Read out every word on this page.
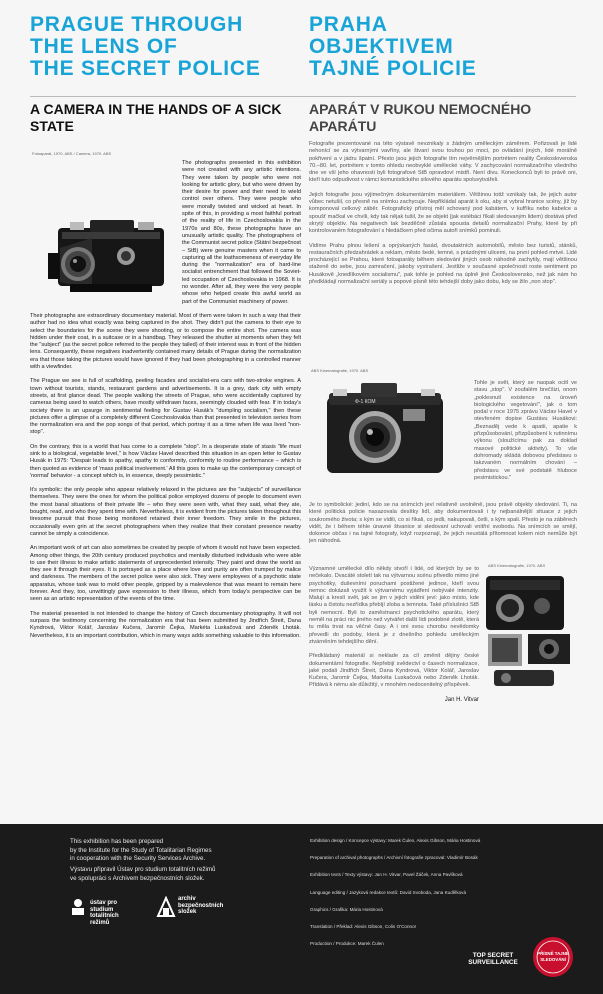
PRAGUE THROUGH
THE LENS OF
THE SECRET POLICE
PRAHA
OBJEKTIVEM
TAJNÉ POLICIE
A CAMERA IN THE HANDS OF A SICK
STATE
APARÁT V RUKOU NEMOCNÉHO
APARÁTU
Fotoaparát, 1970. ABS / Camera, 1970. ABS

The photographs presented in this exhibition were not created with any artistic intentions. They were taken by people who were not looking for artistic glory, but who were driven by their desire for power and their need to wield control over others. They were people who were morally twisted and wicked at heart. In spite of this, in providing a most faithful portrait of the reality of life in Czechoslovakia in the 1970s and 80s, these photographs have an unusually artistic quality. The photographers of the Communist secret police (Státní bezpečnost – StB) were genuine masters when it came to capturing all the loathsomeness of everyday life during the "normalization" era of hard-line socialist entrenchment that followed the Soviet-led occupation of Czechoslovakia in 1968. It is no wonder. After all, they were the very people whose who helped create this awful world as part of the Communist machinery of power.

Their photographs are extraordinary documentary material. Most of them were taken in such a way that their author had no idea what exactly was being captured in the shot. They didn't put the camera to their eye to select the boundaries for the scene they were shooting, or to compose the entire shot. The camera was hidden under their coat, in a suitcase or in a handbag. They released the shutter at moments when they felt the "subject" (as the secret police referred to the people they tailed) of their interest was in front of the hidden lens. Consequently, these negatives inadvertently contained many details of Prague during the normalization era that those taking the pictures would have ignored if they had been photographing in a controlled manner with a viewfinder.

The Prague we see is full of scaffolding, peeling facades and socialist-era cars with two-stroke engines. A town without tourists, stands, restaurant gardens and advertisements. It is a grey, dark city with empty streets, at first glance dead. The people walking the streets of Prague, who were accidentally captured by cameras being used to watch others, have mostly withdrawn faces, seemingly clouded with fear. If in today's society there is an upsurge in sentimental feeling for Gustav Husák's "dumpling socialism," then these pictures offer a glimpse of a completely different Czechoslovakia than that presented in television series from the normalization era and the pop songs of that period, which portray it as a time when life was lived "non-stop".

On the contrary, this is a world that has come to a complete "stop". In a desperate state of stasis "life must sink to a biological, vegetable level," is how Václav Havel described this situation in an open letter to Gustav Husák in 1975: "Despair leads to apathy, apathy to conformity, conformity to routine performance – which is then quoted as evidence of 'mass political involvement.' All this goes to make up the contemporary concept of 'normal' behavior - a concept which is, in essence, deeply pessimistic."

It's symbolic: the only people who appear relatively relaxed in the pictures are the "subjects" of surveillance themselves. They were the ones for whom the political police employed dozens of people to document even the most banal situations of their private life – who they were seen with, what they said, what they ate, bought, read, and who they spent time with. Nevertheless, it is evident from the pictures taken throughout this tiresome pursuit that those being monitored retained their inner freedom. They smile in the pictures, occasionally even grin at the secret photographers when they realize that their constant presence nearby cannot be simply a coincidence.

An important work of art can also sometimes be created by people of whom it would not have been expected. Among other things, the 20th century produced psychotics and mentally disturbed individuals who were able to use their illness to make artistic statements of unprecedented intensity. They paint and draw the world as they see it through their eyes. It is portrayed as a place where love and purity are often trumped by malice and darkness. The members of the secret police were also sick. They were employees of a psychotic state apparatus, whose task was to mold other people, gripped by a malevolence that was meant to remain here forever. And they, too, unwittingly gave expression to their illness, which from today's perspective can be seen as an artistic representation of the events of the time.

The material presented is not intended to change the history of Czech documentary photography. It will not surpass the testimony concerning the normalization era that has been submitted by Jindřich Štreit, Dana Kyndrová, Viktor Kolář, Jaroslav Kučera, Jaromír Čejka, Markéta Luskačová and Zdeněk Lhoták. Nevertheless, it is an important contribution, which in many ways adds something valuable to this information.

Fotografie prezentované na této výstavě nevznikaly s žádným uměleckým záměrem. Pořizovali je lidé nehonící se za výtvarnými vavříny, ale štvaní svou touhou po moci, po ovládání jiných, lidé morálně pokřivení a v jádru špatní. Přesto jsou jejich fotografie tím nejvěrnějším portrétem reality Československa 70.–80. let, portrétem v tomto ohledu neobvyklé umělecké váhy. V zachycování normalizačního všedního dne ve vší jeho ohavnosti byli fotografové StB opravdoví mistři. Není divu. Koneckonců byli to právě oni, kteří tuto odpudivost v rámci komunistického silového aparátu spoluvytvářeli.

Jejich fotografie jsou výjimečným dokumentárním materiálem. Většinou totiž vznikaly tak, že jejich autor vůbec netušil, co přesně na snímku zachycuje. Nepřikládal aparát k oku, aby si vybral hranice scény, jíž by komponoval celkový záběr. Fotografický přístroj měl schovaný pod kabátem, v kufříku nebo kabelce a spoušť mačkal ve chvíli, kdy tak nějak tušil, že se objekt (jak estébáci říkali sledovaným lidem) dostává před skrytý objektiv. Na negativech tak bezděčně zůstala spousta detailů normalizační Prahy, které by při kontrolovaném fotografování s hledáčkem před očima autoři snímků pominuli.

Vidíme Prahu plnou lešení a oprýskaných fasád, dvoutaktních automobilů, město bez turistů, stánků, restauračních předzahrádek a reklam, město šedé, temné, s prázdnými ulicemi, na první pohled mrtvé. Lidé procházející se Prahou, které fotoaparáty během sledování jiných osob náhodně zachytily, mají většinou staženě do sebe, jsou zamračení, jakoby vystrašení. Jestliže v současné společnosti roste sentiment po Husákově „knedlíkovém socialismu", pak tohle je pohled na úplně jiné Československo, než jak nám ho předkládají normalizační seriály a popové písně této tehdejší doby jako dobu, kdy se žilo „non stop".

ABS Kinematografie, 1970. ABS
Ф-1 КОМ

Tohle je svět, který se naopak ocitl ve stavu „stop". V zoufalém brečšizi, onom „poklesnutí existence na úroveň biologického vegetování", jak o tom podal v roce 1975 zprávu Václav Havel v otevřeném dopise Gustávu Husákovi: „Beznaděj vede k apatii, apatie k přizpůsobování, přizpůsobení k rutinnímu výkonu (sloužícímu pak za doklad masové politické aktivity). To vše dohromady skládá dobovou představu o takzvaném normálním chování – představu ve své podstatě hluboce pesimistickou."

Je to symbolické: jediní, kdo se na snímcích jeví relativně uvolněně, jsou právě objekty sledování. Ti, na které politická policie nasazovala desítky lidí, aby dokumentovali i ty nejbanálnější situace z jejich soukromého života; s kým se vídili, co si říkali, co jedli, nakupovali, četli, s kým spali. Přesto je na záběrech vidět, že i během téhle únavné štvanice si sledovaní uchovali vnitřní svobodu. Na snímcích se smějí, dokonce občas i na tajné fotografy, když rozpoznají, že jejich neustálá přítomnost kolem nich nemůže být jen náhodná.

Významné umělecké dílo někdy stvoří i lidé, od kterých by se to nečekalo. Dvacáté století tak na výtvarnou scénu přivedlo mimo jiné psychotiky, duševními poruchami postižené jedince, kteří svou nemoc dokázali využít k výtvarnému vyjádření nebývalé intenzity. Malují a kreslí svět, jak se jim v jejich vidění jeví: jako místo, kde lásku a čistotu nezřídka přebíjí zloba a temnota. Také příslušníci StB byli nemocní. Byli to zaměstnanci psychotického aparátu, který neměl na práci nic jiného než vytvářet další lidi podobné zlotě, která tu měla trvat na věčné časy. A i oni svou chorobu nevědomky převedli do podoby, která je z dnešního pohledu uměleckým ztvárněním tehdejšího dění.

Předkládaný materiál si neklade za cíl změnit dějiny české dokumentární fotografie. Nepřebijí svědectví o časech normalizace, jaké podali Jindřich Štreit, Dana Kyndrová, Viktor Kolář, Jaroslav Kučera, Jaromír Čejka, Markéta Luskačová nebo Zdeněk Lhoták. Přidává k nému ale důležitý, v mnohém nedocenitelný příspěvek.

Jan H. Vitvar

ABS Kinematografie, 1970. ABS
This exhibition has been prepared
by the Institute for the Study of Totalitarian Regimes
in cooperation with the Security Services Archive.
Výstavu připravil Ústav pro studium totalitních režimů
ve spolupráci s Archivem bezpečnostních složek.
ústav pro studium
totalitních režimů
archiv
bezpečnostních
složek

Exhibition design / Koncepce výstavy: Marek Čulen, Alexis Gibson, Mária Hostinová

Preparation of archival photographs / Archivní fotografie zpracoval: Vladimír Bosák

Exhibition texts / Texty výstavy: Jan H. Vitvar, Pavel Žáček, Anna Pavlíková

Language editing / Jazyková redakce textů: David Svoboda, Jana Kudělková

Graphics / Grafika: Mária Hostinová

Translation / Překlad: Alexis Gibson, Colin O'Connor

Production / Produkce: Marek Čulen

TOP SECRET
SURVEILLANCE
PŘÍSNĚ TAJNÉ
SLEDOVÁNÍ
